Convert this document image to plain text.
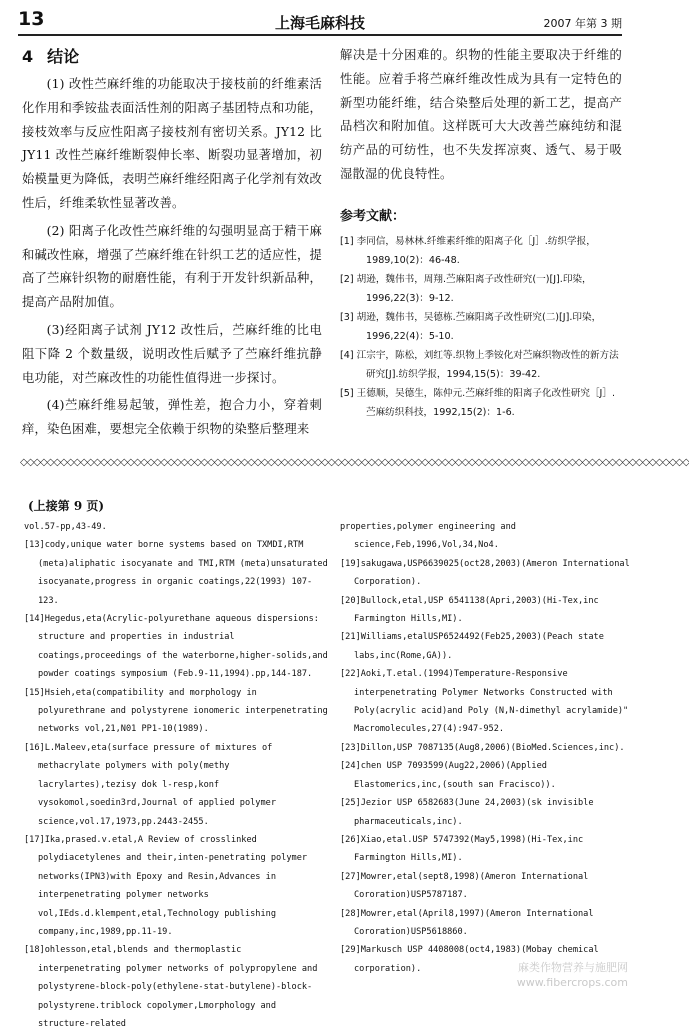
13	上海毛麻科技	2007 年第 3 期
4 结论

(1) 改性苎麻纤维的功能取决于接枝前的纤维素活化作用和季铵盐表面活性剂的阳离子基团特点和功能，接枝效率与反应性阳离子接枝剂有密切关系。JY12 比 JY11 改性苎麻纤维断裂伸长率、断裂功显著增加，初始模量更为降低，表明苎麻纤维经阳离子化学剂有效改性后，纤维柔软性显著改善。

(2) 阳离子化改性苎麻纤维的勾强明显高于精干麻和碱改性麻，增强了苎麻纤维在针织工艺的适应性，提高了苎麻针织物的耐磨性能，有利于开发针织新品种，提高产品附加值。

(3)经阳离子试剂 JY12 改性后，苎麻纤维的比电阻下降 2 个数量级，说明改性后赋予了苎麻纤维抗静电功能，对苎麻改性的功能性值得进一步探讨。

(4)苎麻纤维易起皱，弹性差，抱合力小，穿着刺痒，染色困难，要想完全依赖于织物的染整后整理来

解决是十分困难的。织物的性能主要取决于纤维的性能。应着手将苎麻纤维改性成为具有一定特色的新型功能纤维，结合染整后处理的新工艺，提高产品档次和附加值。这样既可大大改善苎麻纯纺和混纺产品的可纺性，也不失发挥凉爽、透气、易于吸湿散湿的优良特性。

参考文献：
[1] 李同信，易林林.纤维素纤维的阳离子化［J］.纺织学报，1989,10(2)：46-48.
[2] 胡逊，魏伟书，周翔.苎麻阳离子改性研究(一)[J].印染，1996,22(3)：9-12.
[3] 胡逊，魏伟书，吴德栋.苎麻阳离子改性研究(二)[J].印染，1996,22(4)：5-10.
[4] 江宗宇，陈松，刘红等.织物上季铵化对苎麻织物改性的新方法研究[J].纺织学报，1994,15(5)：39-42.
[5] 王德顺，吴德生，陈仲元.苎麻纤维的阳离子化改性研究［J］.苎麻纺织科技，1992,15(2)：1-6.
◇◇◇◇◇◇◇◇◇◇◇◇◇◇◇◇◇◇◇◇◇◇◇◇◇◇◇◇◇◇◇◇◇◇◇◇◇◇◇◇◇◇◇◇◇◇◇◇◇◇◇◇◇◇◇◇◇◇◇◇◇◇◇◇◇◇◇◇◇◇◇◇◇◇◇◇◇◇◇◇◇◇◇◇◇◇◇◇◇◇◇◇◇◇◇◇◇◇◇◇
(上接第 9 页)
vol.57-pp,43-49.
[13]cody,unique water borne systems based on TXMDI,RTM (meta)aliphatic isocyanate and TMI,RTM (meta)unsaturated isocyanate,progress in organic coatings,22(1993) 107-123.
[14]Hegedus,eta(Acrylic-polyurethane aqueous dispersions: structure and properties in industrial coatings,proceedings of the waterborne,higher-solids,and powder coatings symposium (Feb.9-11,1994).pp,144-187.
[15]Hsieh,eta(compatibility and morphology in polyurethrane and polystyrene ionomeric interpenetrating networks vol,21,N01 PP1-10(1989).
[16]L.Maleev,eta(surface pressure of mixtures of methacrylate polymers with poly(methy lacrylartes),tezisy dok l-resp,konf vysokomol,soedin3rd,Journal of applied polymer science,vol.17,1973,pp.2443-2455.
[17]Ika,prased.v.etal,A Review of crosslinked polydiacetylenes and their,inten-penetrating polymer networks(IPN3)with Epoxy and Resin,Advances in interpenetrating polymer networks vol,IEds.d.klempent,etal,Technology publishing company,inc,1989,pp.11-19.
[18]ohlesson,etal,blends and thermoplastic interpenetrating polymer networks of polypropylene and polystyrene-block-poly(ethylene-stat-butylene)-block-polystyrene.triblock copolymer,Lmorphology and structure-related
properties,polymer engineering and science,Feb,1996,Vol,34,No4.
[19]sakugawa,USP6639025(oct28,2003)(Ameron International Corporation).
[20]Bullock,etal,USP 6541138(Apri,2003)(Hi-Tex,inc Farmington Hills,MI).
[21]Williams,etalUSP6524492(Feb25,2003)(Peach state labs,inc(Rome,GA)).
[22]Aoki,T.etal.(1994)Temperature-Responsive interpenetrating Polymer Networks Constructed with Poly(acrylic acid)and Poly (N,N-dimethyl acrylamide)" Macromolecules,27(4):947-952.
[23]Dillon,USP 7087135(Aug8,2006)(BioMed.Sciences,inc).
[24]chen USP 7093599(Aug22,2006)(Applied Elastomerics,inc,(south san Fracisco)).
[25]Jezior USP 6582683(June 24,2003)(sk invisible pharmaceuticals,inc).
[26]Xiao,etal.USP 5747392(May5,1998)(Hi-Tex,inc Farmington Hills,MI).
[27]Mowrer,etal(sept8,1998)(Ameron International Cororation)USP5787187.
[28]Mowrer,etal(April8,1997)(Ameron International Cororation)USP5618860.
[29]Markusch USP 4408008(oct4,1983)(Mobay chemical corporation).	麻类作物营养与施肥网
www.fibercrops.com
